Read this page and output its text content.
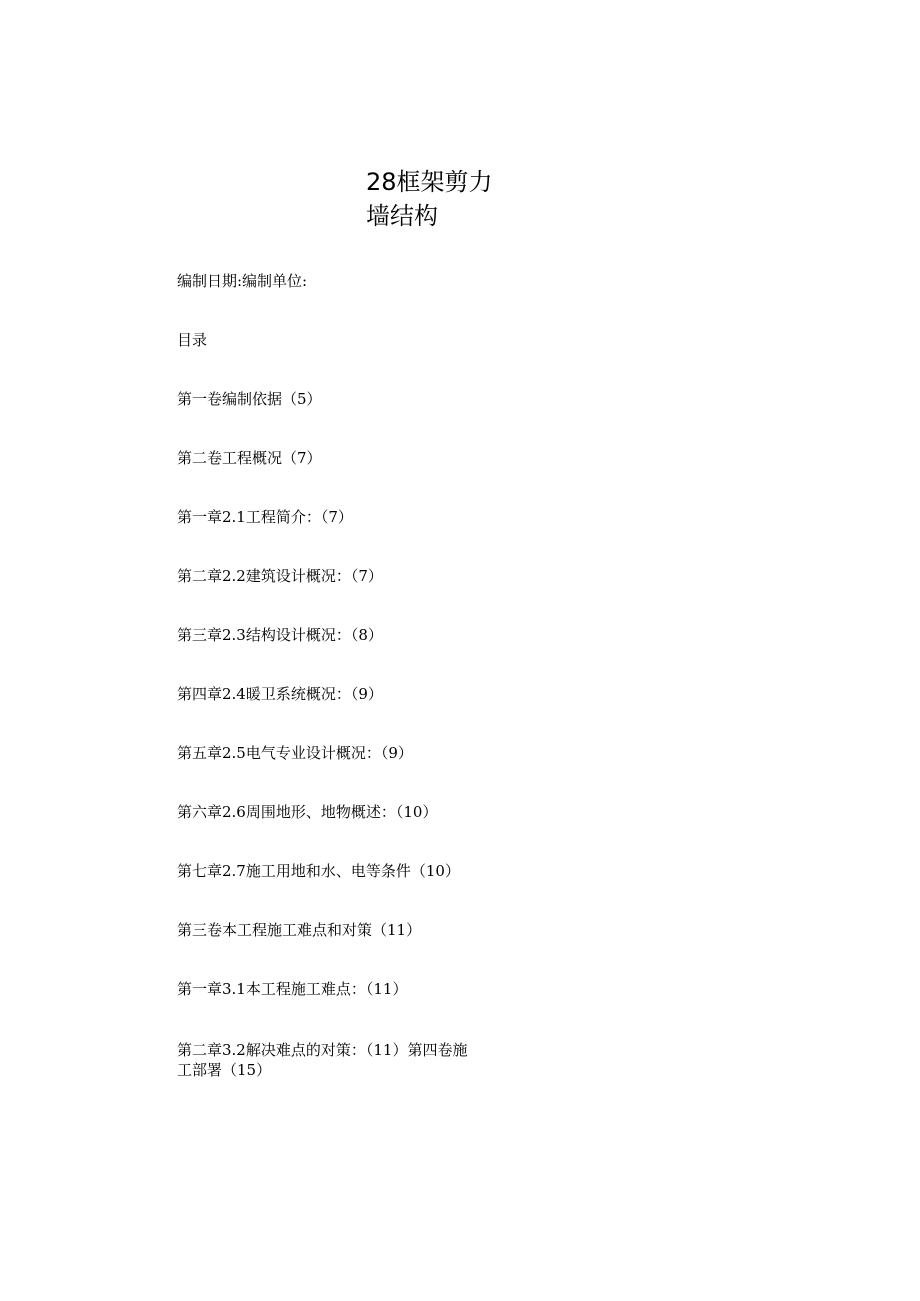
28框架剪力
墙结构

编制日期:编制单位:

目录

第一卷编制依据（5）

第二卷工程概况（7）

第一章2.1工程简介：（7）

第二章2.2建筑设计概况：（7）

第三章2.3结构设计概况：（8）

第四章2.4暖卫系统概况：（9）

第五章2.5电气专业设计概况：（9）

第六章2.6周围地形、地物概述：（10）

第七章2.7施工用地和水、电等条件（10）

第三卷本工程施工难点和对策（11）

第一章3.1本工程施工难点：（11）

第二章3.2解决难点的对策：（11）第四卷施
工部署（15）
